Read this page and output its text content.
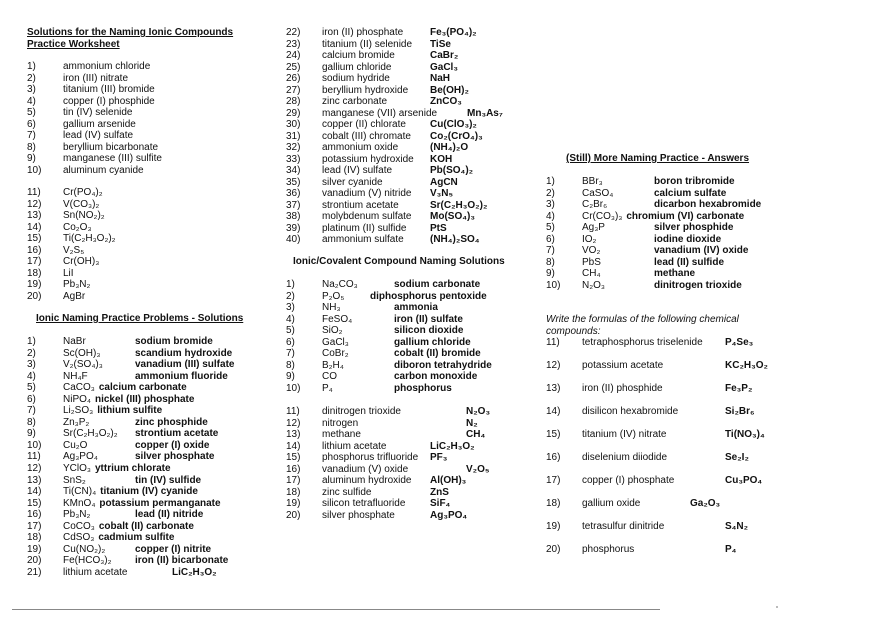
Solutions for the Naming Ionic Compounds
Practice Worksheet
1)	ammonium chloride
2)	iron (III) nitrate
3)	titanium (III) bromide
4)	copper (I) phosphide
5)	tin (IV) selenide
6)	gallium arsenide
7)	lead (IV) sulfate
8)	beryllium bicarbonate
9)	manganese (III) sulfite
10) aluminum cyanide
11) Cr(PO₄)₂
12) V(CO₃)₂
13) Sn(NO₂)₂
14) Co₂O₃
15) Ti(C₂H₃O₂)₂
16) V₂S₅
17) Cr(OH)₃
18) LiI
19) Pb₃N₂
20) AgBr
Ionic Naming Practice Problems - Solutions
1)	NaBr	sodium bromide
2)	Sc(OH)₃	scandium hydroxide
3)	V₂(SO₄)₃	vanadium (III) sulfate
4)	NH₄F	ammonium fluoride
5)	CaCO₃ calcium carbonate
6)	NiPO₄ nickel (III) phosphate
7)	Li₂SO₃ lithium sulfite
8)	Zn₃P₂	zinc phosphide
9)	Sr(C₂H₃O₂)₂ strontium acetate
10) Cu₂O	copper (I) oxide
11) Ag₃PO₄	silver phosphate
12) YClO₃ yttrium chlorate
13) SnS₂	tin (IV) sulfide
14) Ti(CN)₄ titanium (IV) cyanide
15) KMnO₄ potassium permanganate
16) Pb₃N₂	lead (II) nitride
17) CoCO₃ cobalt (II) carbonate
18) CdSO₃ cadmium sulfite
19) Cu(NO₂)₂	copper (I) nitrite
20) Fe(HCO₃)₂ iron (II) bicarbonate
21) lithium acetate	LiC₂H₃O₂
22) iron (II) phosphate	Fe₃(PO₄)₂
23) titanium (II) selenide TiSe
24) calcium bromide	CaBr₂
25) gallium chloride	GaCl₃
26) sodium hydride	NaH
27) beryllium hydroxide Be(OH)₂
28) zinc carbonate	ZnCO₃
29) manganese (VII) arsenide	Mn₃As₇
30) copper (II) chlorate Cu(ClO₃)₂
31) cobalt (III) chromate Co₂(CrO₄)₃
32) ammonium oxide	(NH₄)₂O
33) potassium hydroxide KOH
34) lead (IV) sulfate	Pb(SO₄)₂
35) silver cyanide	AgCN
36) vanadium (V) nitride V₃N₅
37) strontium acetate	Sr(C₂H₃O₂)₂
38) molybdenum sulfate Mo(SO₄)₃
39) platinum (II) sulfide PtS
40) ammonium sulfate	(NH₄)₂SO₄
Ionic/Covalent Compound Naming Solutions
1)	Na₂CO₃	sodium carbonate
2)	P₂O₅	diphosphorus pentoxide
3)	NH₃	ammonia
4)	FeSO₄	iron (II) sulfate
5)	SiO₂	silicon dioxide
6)	GaCl₃	gallium chloride
7)	CoBr₂	cobalt (II) bromide
8)	B₂H₄	diboron tetrahydride
9)	CO	carbon monoxide
10) P₄	phosphorus
11) dinitrogen trioxide	N₂O₃
12) nitrogen	N₂
13) methane	CH₄
14) lithium acetate	LiC₂H₃O₂
15) phosphorus trifluoride PF₃
16) vanadium (V) oxide	V₂O₅
17) aluminum hydroxide Al(OH)₃
18) zinc sulfide	ZnS
19) silicon tetrafluoride SiF₄
20) silver phosphate	Ag₃PO₄
(Still) More Naming Practice - Answers
1)	BBr₃	boron tribromide
2)	CaSO₄	calcium sulfate
3)	C₂Br₆	dicarbon hexabromide
4)	Cr(CO₃)₃ chromium (VI) carbonate
5)	Ag₃P	silver phosphide
6)	IO₂	iodine dioxide
7)	VO₂	vanadium (IV) oxide
8)	PbS	lead (II) sulfide
9)	CH₄	methane
10) N₂O₃	dinitrogen trioxide
Write the formulas of the following chemical compounds:
11) tetraphosphorus triselenide P₄Se₃
12) potassium acetate	KC₂H₃O₂
13) iron (II) phosphide	Fe₃P₂
14) disilicon hexabromide	Si₂Br₆
15) titanium (IV) nitrate	Ti(NO₃)₄
16) diselenium diiodide	Se₂I₂
17) copper (I) phosphate	Cu₃PO₄
18) gallium oxide	Ga₂O₃
19) tetrasulfur dinitride	S₄N₂
20) phosphorus	P₄
